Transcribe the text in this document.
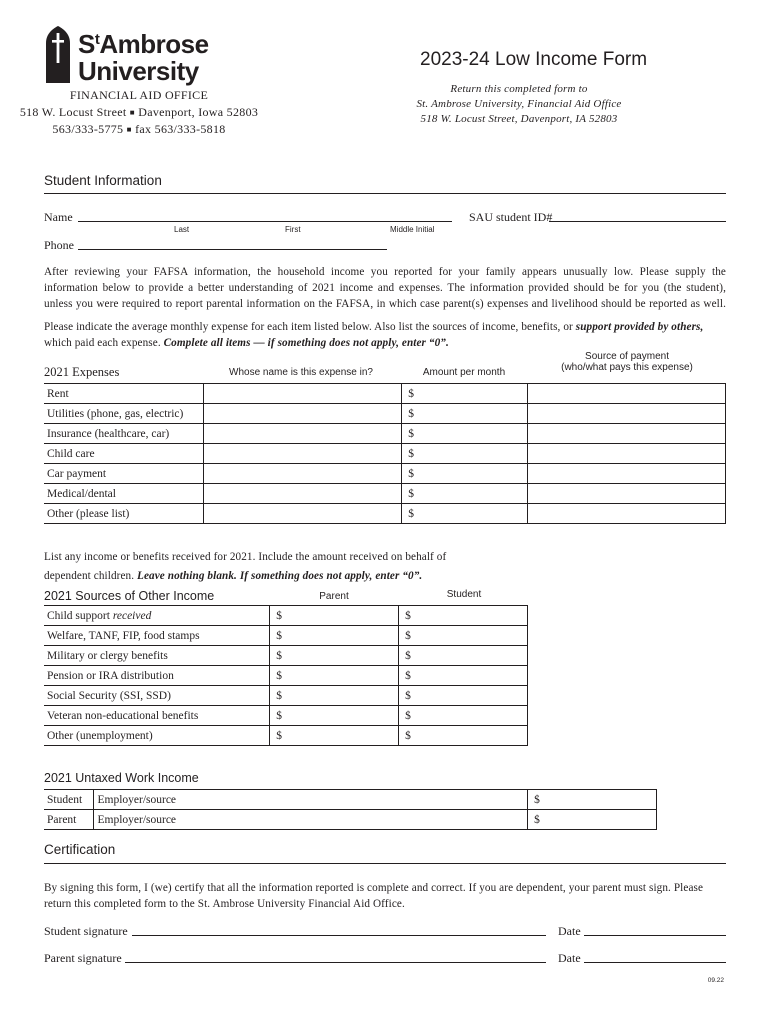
$S^tAmbrose$
University
FINANCIAL AID OFFICE
518 W. Locust Street ■ Davenport, Iowa 52803
563/333-5775 ■ fax 563/333-5818
2023-24 Low Income Form
Return this completed form to
St. Ambrose University, Financial Aid Office
518 W. Locust Street, Davenport, IA 52803
Student Information
Name
Last	First	Middle Initial
SAU student ID#
Phone
After reviewing your FAFSA information, the household income you reported for your family appears unusually low. Please supply the
information below to provide a better understanding of 2021 income and expenses. The information provided should be for you (the student),
unless you were required to report parental information on the FAFSA, in which case parent(s) expenses and livelihood should be reported as well.
Please indicate the average monthly expense for each item listed below. Also list the sources of income, benefits, or support provided by others,
which paid each expense. Complete all items — if something does not apply, enter “0”.
2021 Expenses	Whose name is this expense in?	Amount per month
Source of payment
(who/what pays this expense)
Rent		$	
Utilities (phone, gas, electric)		$	
Insurance (healthcare, car)		$	
Child care		$	
Car payment		$	
Medical/dental		$	
Other (please list)		$	
List any income or benefits received for 2021. Include the amount received on behalf of
dependent children. Leave nothing blank. If something does not apply, enter “0”.
2021 Sources of Other Income	Parent	Student
Child support received	$	$
Welfare, TANF, FIP, food stamps	$	$
Military or clergy benefits	$	$
Pension or IRA distribution	$	$
Social Security (SSI, SSD)	$	$
Veteran non-educational benefits	$	$
Other (unemployment)	$	$
2021 Untaxed Work Income
Student	Employer/source	$
Parent	Employer/source	$
Certification
By signing this form, I (we) certify that all the information reported is complete and correct. If you are dependent, your parent must sign. Please
return this completed form to the St. Ambrose University Financial Aid Office.
Student signature	Date
Parent signature	Date
09.22
